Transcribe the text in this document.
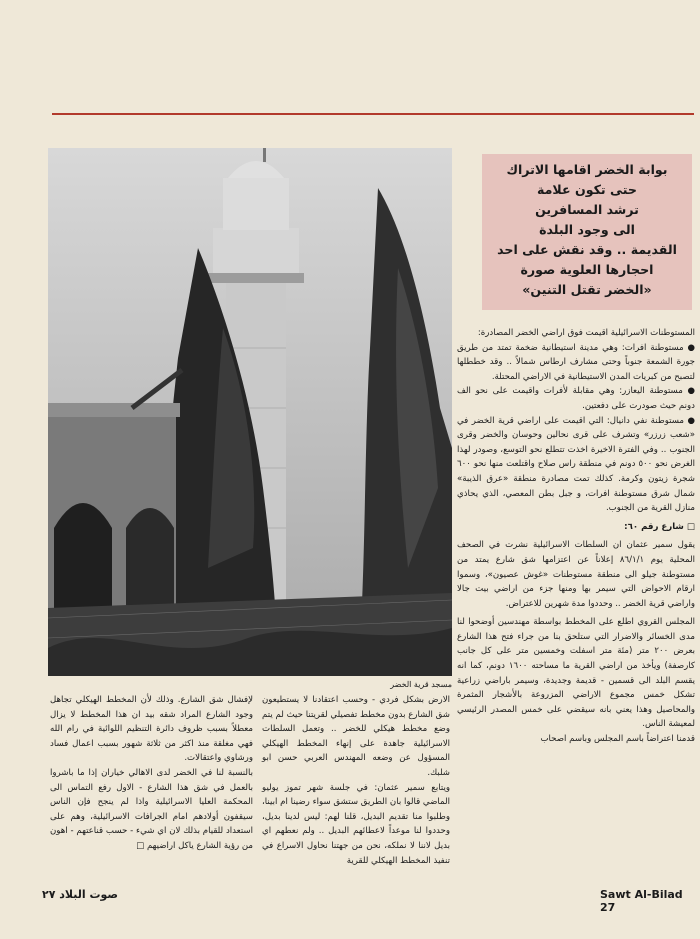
مسجد قرية الخضر
بوابة الخضر اقامها الاتراك
حتى تكون علامة
ترشد المسافرين
الى وجود البلدة
القديمة .. وقد نقش على احد
احجارها العلوية صورة
«الخضر تقتل التنين»

المستوطنات الاسرائيلية اقيمت فوق اراضي الخضر المصادرة:

● مستوطنة افرات: وهي مدينة استيطانية ضخمة تمتد من طريق جورة الشمعة جنوباً وحتى مشارف ارطاس شمالاً .. وقد خططلها لتصبح من كبريات المدن الاستيطانية في الاراضي المحتلة.

● مستوطنة اليعازر: وهي مقابلة لأفرات واقيمت على نحو الف دونم حيث صودرت على دفعتين.

● مستوطنة نفي دانيال: التي اقيمت على اراضي قرية الخضر في «شعب زرزر» وتشرف على قرى نحالين وحوسان والخضر وقرى الجنوب .. وفي الفترة الاخيرة اخذت تتطلع نحو التوسع، وصودر لهذا الغرض نحو ٥٠٠ دونم في منطقة راس صلاح واقتلعت منها نحو ٦٠٠ شجرة زيتون وكرمة. كذلك تمت مصادرة منطقة «عرق الذيبة» شمال شرق مستوطنة افرات، و جبل بطن المعصي، الذي يحاذي منازل القرية من الجنوب.

□ شارع رقم ٦٠:

يقول سمير عثمان ان السلطات الاسرائيلية نشرت في الصحف المحلية يوم ٨٦/١/١ إعلاناً عن اعتزامها شق شارع يمتد من مستوطنة جيلو الى منطقة مستوطنات «غوش عصيون»، وسموا ارقام الاحواض التي سيمر بها ومنها جزء من اراضي بيت جالا واراضي قرية الخضر .. وحددوا مدة شهرين للاعتراض.

المجلس القروي اطلع على المخطط بواسطة مهندسين أوضحوا لنا مدى الخسائر والاضرار التي ستلحق بنا من جراء فتح هذا الشارع بعرض ٢٠٠ متر (مئة متر اسفلت وخمسين متر على كل جانب كارصفة) ويأخذ من اراضي القرية ما مساحته ١٦٠٠ دونم، كما انه يقسم البلد الى قسمين - قديمة وجديدة، وسيمر باراضي زراعية تشكل خمس مجموع الاراضي المزروعة بالأشجار المثمرة والمحاصيل وهذا يعني بانه سيقضي على خمس المصدر الرئيسي لمعيشة الناس.

قدمنا اعتراضاً باسم المجلس وباسم اصحاب

الارض بشكل فردي - وحسب اعتقادنا لا يستطيعون شق الشارع بدون مخطط تفصيلي لقريتنا حيث لم يتم وضع مخطط هيكلي للخضر .. وتعمل السلطات الاسرائيلية جاهدة على إنهاء المخطط الهيكلي المسؤول عن وضعه المهندس العربي حسن ابو شلبك.

ويتابع سمير عثمان: في جلسة شهر تموز يوليو الماضي قالوا بان الطريق ستشق سواء رضينا ام ابينا، وطلبوا منا تقديم البديل، قلنا لهم: ليس لدينا بديل، وحددوا لنا موعداً لاعطائهم البديل .. ولم نعطهم اي بديل لاننا لا نملكه، نحن من جهتنا نحاول الاسراع في تنفيذ المخطط الهيكلي للقرية

لإفشال شق الشارع. وذلك لأن المخطط الهيكلي تجاهل وجود الشارع المراد شقه بيد ان هذا المخطط لا يزال معطلاً بسبب ظروف دائرة التنظيم اللوائية في رام الله فهي مغلقة منذ اكثر من ثلاثة شهور بسبب اعمال فساد ورشاوي واعتقالات.

بالنسبة لنا في الخضر لدى الاهالي خياران إذا ما باشروا بالعمل في شق هذا الشارع - الاول رفع التماس الى المحكمة العليا الاسرائيلية واذا لم ينجح فإن الناس سيقفون أولادهم امام الجرافات الاسرائيلية، وهم على استعداد للقيام بذلك لان اي شيء - حسب قناعتهم - اهون من رؤية الشارع ياكل اراضيهم □

Sawt Al-Bilad 27
صوت البلاد ٢٧
